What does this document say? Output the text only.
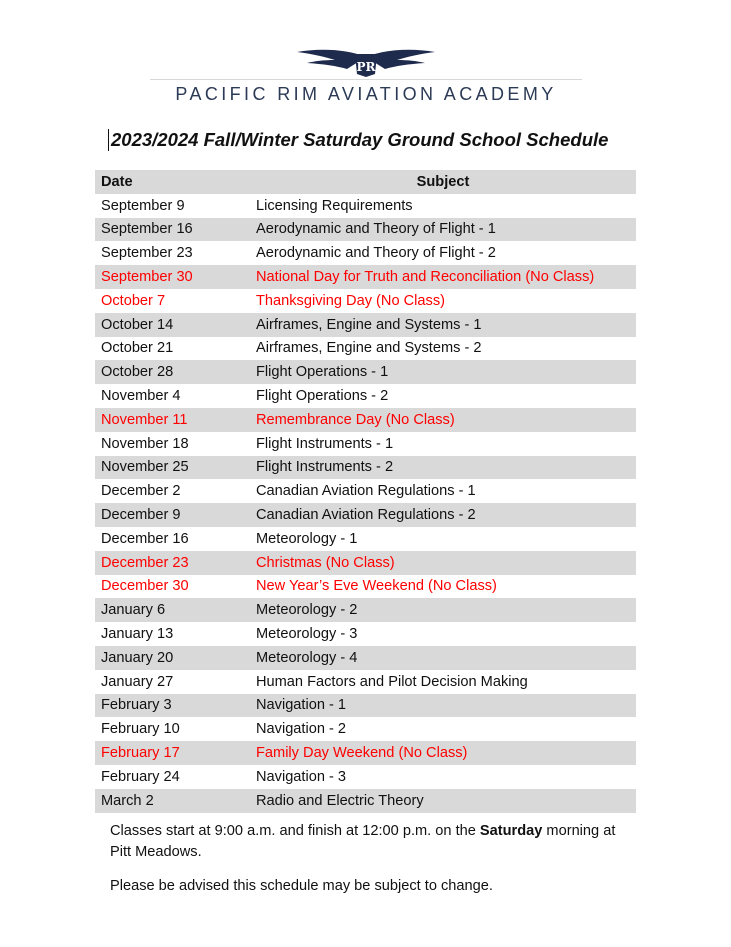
PR
PACIFIC RIM AVIATION ACADEMY
2023/2024 Fall/Winter Saturday Ground School Schedule
Date	Subject
September 9	Licensing Requirements
September 16	Aerodynamic and Theory of Flight - 1
September 23	Aerodynamic and Theory of Flight - 2
September 30	National Day for Truth and Reconciliation (No Class)
October 7	Thanksgiving Day (No Class)
October 14	Airframes, Engine and Systems - 1
October 21	Airframes, Engine and Systems - 2
October 28	Flight Operations - 1
November 4	Flight Operations - 2
November 11	Remembrance Day (No Class)
November 18	Flight Instruments - 1
November 25	Flight Instruments - 2
December 2	Canadian Aviation Regulations - 1
December 9	Canadian Aviation Regulations - 2
December 16	Meteorology - 1
December 23	Christmas (No Class)
December 30	New Year’s Eve Weekend (No Class)
January 6	Meteorology - 2
January 13	Meteorology - 3
January 20	Meteorology - 4
January 27	Human Factors and Pilot Decision Making
February 3	Navigation - 1
February 10	Navigation - 2
February 17	Family Day Weekend (No Class)
February 24	Navigation - 3
March 2	Radio and Electric Theory

Classes start at 9:00 a.m. and finish at 12:00 p.m. on the Saturday morning at Pitt Meadows.

Please be advised this schedule may be subject to change.
